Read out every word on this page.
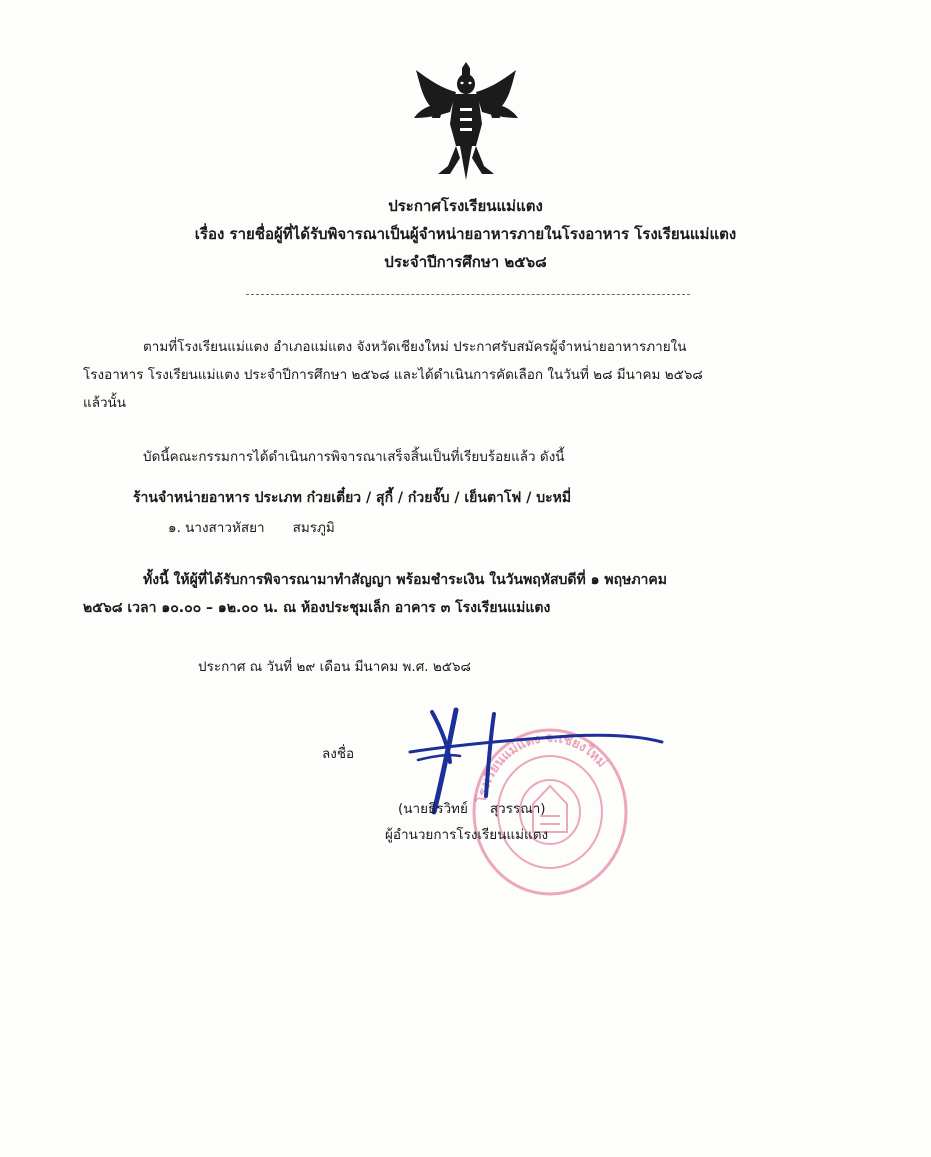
ประกาศโรงเรียนแม่แตง
เรื่อง รายชื่อผู้ที่ได้รับพิจารณาเป็นผู้จำหน่ายอาหารภายในโรงอาหาร โรงเรียนแม่แตง
ประจำปีการศึกษา ๒๕๖๘
ตามที่โรงเรียนแม่แตง อำเภอแม่แตง จังหวัดเชียงใหม่ ประกาศรับสมัครผู้จำหน่ายอาหารภายใน
โรงอาหาร โรงเรียนแม่แตง ประจำปีการศึกษา ๒๕๖๘ และได้ดำเนินการคัดเลือก ในวันที่ ๒๘ มีนาคม ๒๕๖๘
แล้วนั้น
บัดนี้คณะกรรมการได้ดำเนินการพิจารณาเสร็จสิ้นเป็นที่เรียบร้อยแล้ว ดังนี้
ร้านจำหน่ายอาหาร ประเภท ก๋วยเตี๋ยว / สุกี้ / ก๋วยจั๊บ / เย็นตาโฟ / บะหมี่
๑. นางสาวหัสยา สมรภูมิ
ทั้งนี้ ให้ผู้ที่ได้รับการพิจารณามาทำสัญญา พร้อมชำระเงิน ในวันพฤหัสบดีที่ ๑ พฤษภาคม
๒๕๖๘ เวลา ๑๐.๐๐ – ๑๒.๐๐ น. ณ ห้องประชุมเล็ก อาคาร ๓ โรงเรียนแม่แตง
ประกาศ ณ วันที่ ๒๙ เดือน มีนาคม พ.ศ. ๒๕๖๘
โรงเรียนแม่แตง จ.เชียงใหม่
ลงชื่อ
(นายธีรวิทย์ สุวรรณา)
ผู้อำนวยการโรงเรียนแม่แตง
